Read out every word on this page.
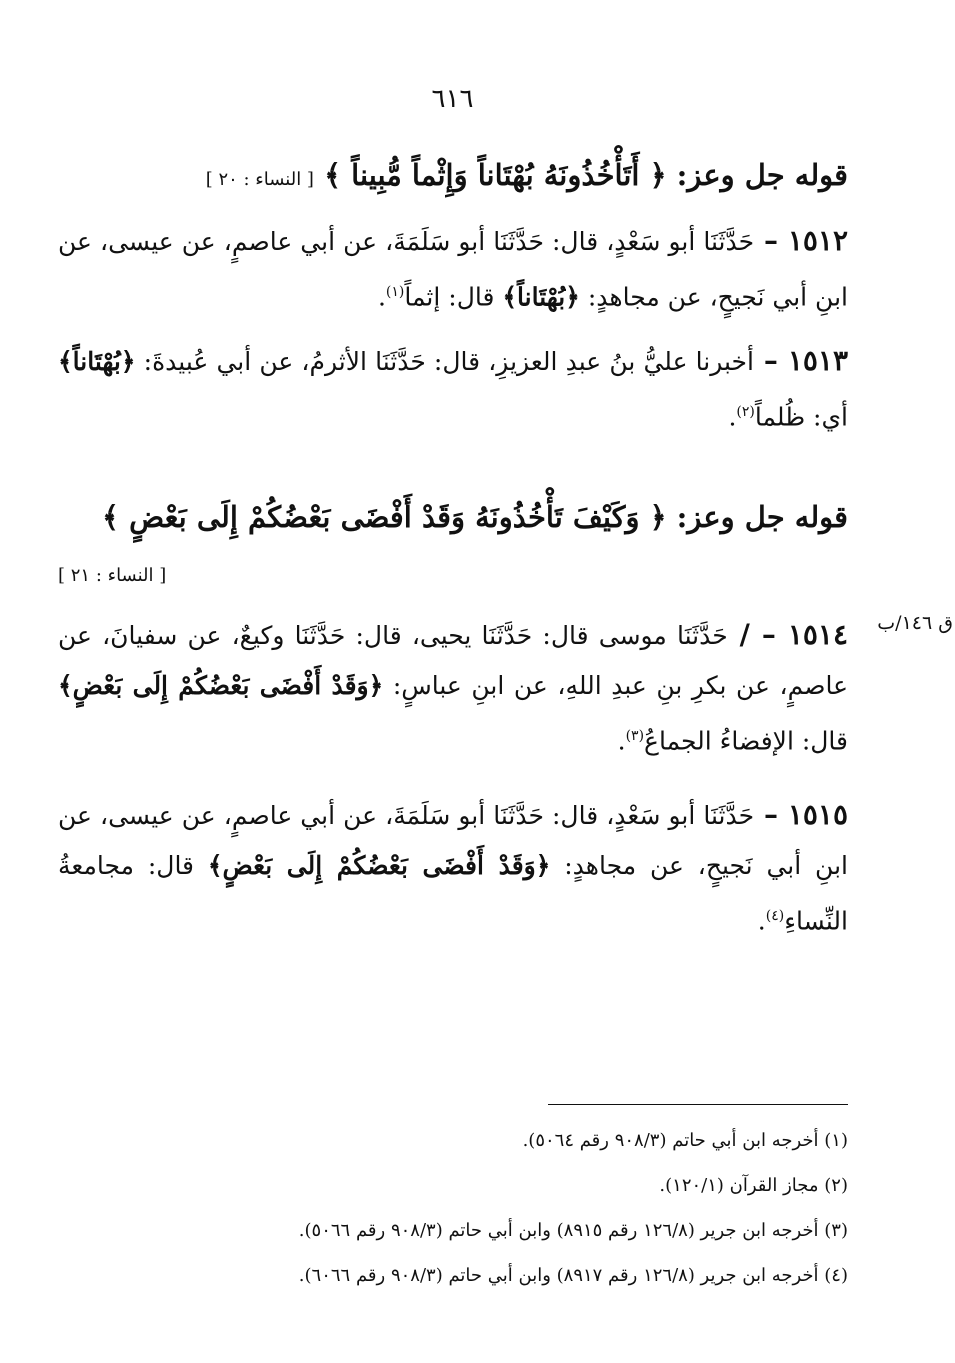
٦١٦
قوله جل وعز: ﴿ أَتَأْخُذُونَهُ بُهْتَاناً وَإِثْماً مُّبِيناً ﴾ [ النساء : ٢٠ ]
١٥١٢ – حَدَّثَنَا أبو سَعْدٍ، قال: حَدَّثَنَا أبو سَلَمَةَ، عن أبي عاصمٍ، عن عيسى، عن ابنِ أبي نَجيحٍ، عن مجاهدٍ: ﴿بُهْتَاناً﴾ قال: إثماً$^{(١)}$.
١٥١٣ – أخبرنا عليُّ بنُ عبدِ العزيزِ، قال: حَدَّثَنَا الأثرمُ، عن أبي عُبيدةَ: ﴿بُهْتَاناً﴾ أي: ظُلماً$^{(٢)}$.
قوله جل وعز: ﴿ وَكَيْفَ تَأْخُذُونَهُ وَقَدْ أَفْضَى بَعْضُكُمْ إِلَى بَعْضٍ ﴾
[ النساء : ٢١ ]
ق ١٤٦/ب
١٥١٤ – / حَدَّثَنَا موسى قال: حَدَّثَنَا يحيى، قال: حَدَّثَنَا وكيعٌ، عن سفيانَ، عن عاصمٍ، عن بكرِ بنِ عبدِ اللهِ، عن ابنِ عباسٍ: ﴿وَقَدْ أَفْضَى بَعْضُكُمْ إِلَى بَعْضٍ﴾ قال: الإفضاءُ الجماعُ$^{(٣)}$.
١٥١٥ – حَدَّثَنَا أبو سَعْدٍ، قال: حَدَّثَنَا أبو سَلَمَةَ، عن أبي عاصمٍ، عن عيسى، عن ابنِ أبي نَجيحٍ، عن مجاهدٍ: ﴿وَقَدْ أَفْضَى بَعْضُكُمْ إِلَى بَعْضٍ﴾ قال: مجامعةُ النِّساءِ$^{(٤)}$.
(١) أخرجه ابن أبي حاتم (٩٠٨/٣ رقم ٥٠٦٤).
(٢) مجاز القرآن (١٢٠/١).
(٣) أخرجه ابن جرير (١٢٦/٨ رقم ٨٩١٥) وابن أبي حاتم (٩٠٨/٣ رقم ٥٠٦٦).
(٤) أخرجه ابن جرير (١٢٦/٨ رقم ٨٩١٧) وابن أبي حاتم (٩٠٨/٣ رقم ٦٠٦٦).
